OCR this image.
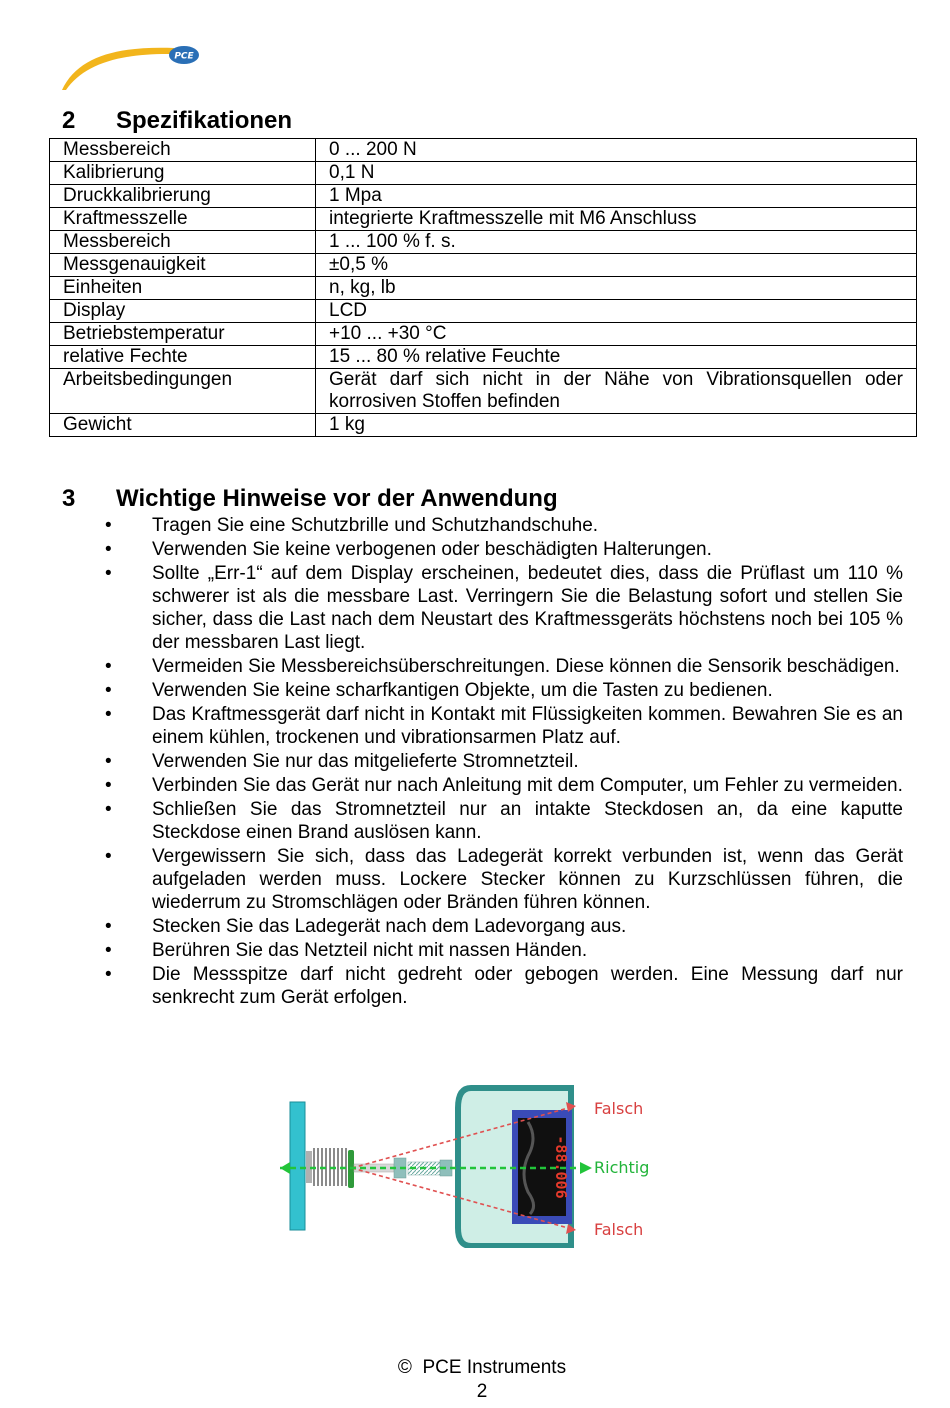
PCE
2 Spezifikationen
Messbereich	0 ... 200 N
Kalibrierung	0,1 N
Druckkalibrierung	1 Mpa
Kraftmesszelle	integrierte Kraftmesszelle mit M6 Anschluss
Messbereich	1 ... 100 % f. s.
Messgenauigkeit	±0,5 %
Einheiten	n, kg, lb
Display	LCD
Betriebstemperatur	+10 ... +30 °C
relative Fechte	15 ... 80 % relative Feuchte
Arbeitsbedingungen	Gerät darf sich nicht in der Nähe von Vibrationsquellen oder korrosiven Stoffen befinden
Gewicht	1 kg
3 Wichtige Hinweise vor der Anwendung
• Tragen Sie eine Schutzbrille und Schutzhandschuhe.
• Verwenden Sie keine verbogenen oder beschädigten Halterungen.
• Sollte „Err-1“ auf dem Display erscheinen, bedeutet dies, dass die Prüflast um 110 % schwerer ist als die messbare Last. Verringern Sie die Belastung sofort und stellen Sie sicher, dass die Last nach dem Neustart des Kraftmessgeräts höchstens noch bei 105 % der messbaren Last liegt.
• Vermeiden Sie Messbereichsüberschreitungen. Diese können die Sensorik beschädigen.
• Verwenden Sie keine scharfkantigen Objekte, um die Tasten zu bedienen.
• Das Kraftmessgerät darf nicht in Kontakt mit Flüssigkeiten kommen. Bewahren Sie es an einem kühlen, trockenen und vibrationsarmen Platz auf.
• Verwenden Sie nur das mitgelieferte Stromnetzteil.
• Verbinden Sie das Gerät nur nach Anleitung mit dem Computer, um Fehler zu vermeiden.
• Schließen Sie das Stromnetzteil nur an intakte Steckdosen an, da eine kaputte Steckdose einen Brand auslösen kann.
• Vergewissern Sie sich, dass das Ladegerät korrekt verbunden ist, wenn das Gerät aufgeladen werden muss. Lockere Stecker können zu Kurzschlüssen führen, die wiederrum zu Stromschlägen oder Bränden führen können.
• Stecken Sie das Ladegerät nach dem Ladevorgang aus.
• Berühren Sie das Netzteil nicht mit nassen Händen.
• Die Messspitze darf nicht gedreht oder gebogen werden. Eine Messung darf nur senkrecht zum Gerät erfolgen.
-88.006
Falsch
Richtig
Falsch
© PCE Instruments
2
